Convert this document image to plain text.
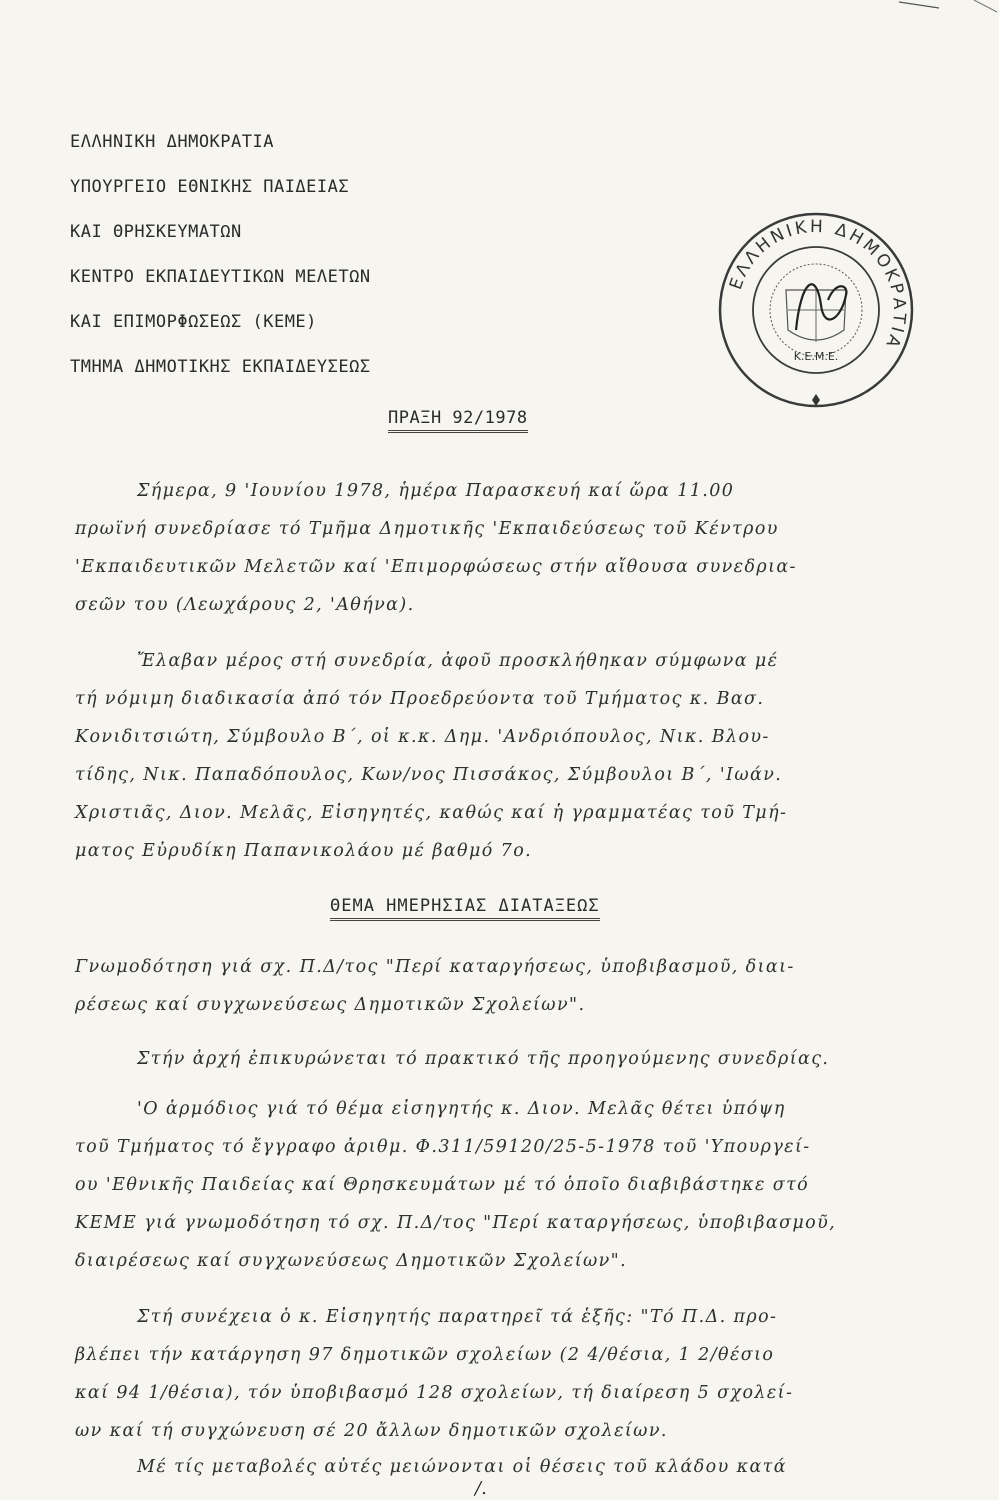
ΕΛΛΗΝΙΚΗ ΔΗΜΟΚΡΑΤΙΑ
ΥΠΟΥΡΓΕΙΟ ΕΘΝΙΚΗΣ ΠΑΙΔΕΙΑΣ
ΚΑΙ ΘΡΗΣΚΕΥΜΑΤΩΝ
ΚΕΝΤΡΟ ΕΚΠΑΙΔΕΥΤΙΚΩΝ ΜΕΛΕΤΩΝ
ΚΑΙ ΕΠΙΜΟΡΦΩΣΕΩΣ (ΚΕΜΕ)
ΤΜΗΜΑ ΔΗΜΟΤΙΚΗΣ ΕΚΠΑΙΔΕΥΣΕΩΣ
ΕΛΛΗΝΙΚΗ ΔΗΜΟΚΡΑΤΙΑ
Κ.Ε.Μ.Ε.
ΠΡΑΞΗ 92/1978
Σήμερα, 9 'Ιουνίου 1978, ἡμέρα Παρασκευή καί ὥρα 11.00
πρωϊνή συνεδρίασε τό Τμῆμα Δημοτικῆς 'Εκπαιδεύσεως τοῦ Κέντρου
'Εκπαιδευτικῶν Μελετῶν καί 'Επιμορφώσεως στήν αἴθουσα συνεδρια-
σεῶν του (Λεωχάρους 2, 'Αθήνα).
Ἔλαβαν μέρος στή συνεδρία, ἀφοῦ προσκλήθηκαν σύμφωνα μέ
τή νόμιμη διαδικασία ἀπό τόν Προεδρεύοντα τοῦ Τμήματος κ. Βασ.
Κονιδιτσιώτη, Σύμβουλο Β΄, οἱ κ.κ. Δημ. 'Ανδριόπουλος, Νικ. Βλου-
τίδης, Νικ. Παπαδόπουλος, Κων/νος Πισσάκος, Σύμβουλοι Β΄, 'Ιωάν.
Χριστιᾶς, Διον. Μελᾶς, Εἰσηγητές, καθώς καί ἡ γραμματέας τοῦ Τμή-
ματος Εὐρυδίκη Παπανικολάου μέ βαθμό 7ο.
ΘΕΜΑ ΗΜΕΡΗΣΙΑΣ ΔΙΑΤΑΞΕΩΣ
Γνωμοδότηση γιά σχ. Π.Δ/τος "Περί καταργήσεως, ὑποβιβασμοῦ, διαι-
ρέσεως καί συγχωνεύσεως Δημοτικῶν Σχολείων".
Στήν ἀρχή ἐπικυρώνεται τό πρακτικό τῆς προηγούμενης συνεδρίας.
'Ο ἁρμόδιος γιά τό θέμα εἰσηγητής κ. Διον. Μελᾶς θέτει ὑπόψη
τοῦ Τμήματος τό ἔγγραφο ἀριθμ. Φ.311/59120/25-5-1978 τοῦ 'Υπουργεί-
ου 'Εθνικῆς Παιδείας καί Θρησκευμάτων μέ τό ὁποῖο διαβιβάστηκε στό
ΚΕΜΕ γιά γνωμοδότηση τό σχ. Π.Δ/τος "Περί καταργήσεως, ὑποβιβασμοῦ,
διαιρέσεως καί συγχωνεύσεως Δημοτικῶν Σχολείων".
Στή συνέχεια ὁ κ. Εἰσηγητής παρατηρεῖ τά ἑξῆς: "Τό Π.Δ. προ-
βλέπει τήν κατάργηση 97 δημοτικῶν σχολείων (2 4/θέσια, 1 2/θέσιο
καί 94 1/θέσια), τόν ὑποβιβασμό 128 σχολείων, τή διαίρεση 5 σχολεί-
ων καί τή συγχώνευση σέ 20 ἄλλων δημοτικῶν σχολείων.
Μέ τίς μεταβολές αὐτές μειώνονται οἱ θέσεις τοῦ κλάδου κατά
/.
